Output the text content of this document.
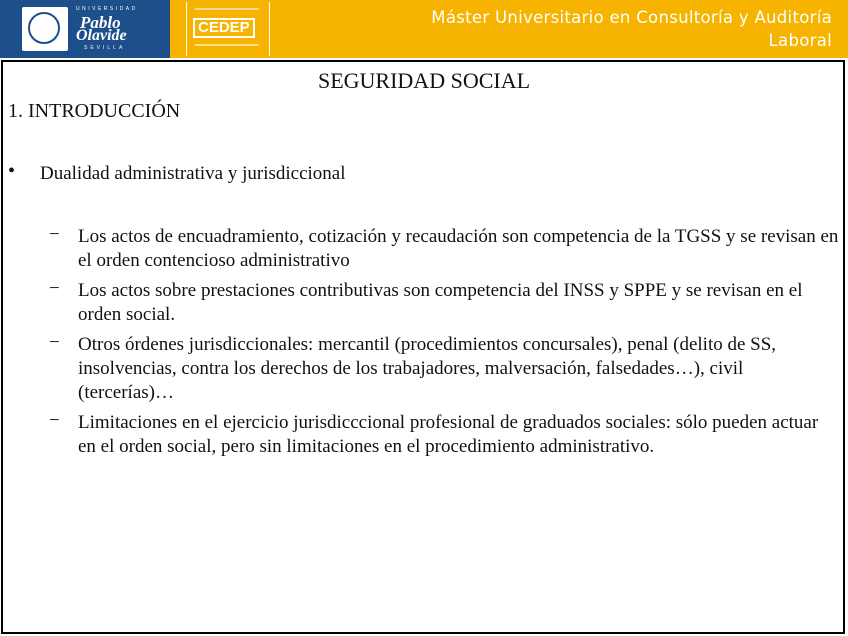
UNIVERSIDAD
Pablo
Olavide
SEVILLA
CEDEP
Máster Universitario en Consultoría y Auditoría
Laboral
SEGURIDAD SOCIAL
1. INTRODUCCIÓN
• Dualidad administrativa y jurisdiccional
− Los actos de encuadramiento, cotización y recaudación son competencia de la TGSS y se revisan en el orden contencioso administrativo
− Los actos sobre prestaciones contributivas son competencia del INSS y SPPE y se revisan en el orden social.
− Otros órdenes jurisdiccionales: mercantil (procedimientos concursales), penal (delito de SS, insolvencias, contra los derechos de los trabajadores, malversación, falsedades…), civil (tercerías)…
− Limitaciones en el ejercicio jurisdicccional profesional de graduados sociales: sólo pueden actuar en el orden social, pero sin limitaciones en el procedimiento administrativo.
